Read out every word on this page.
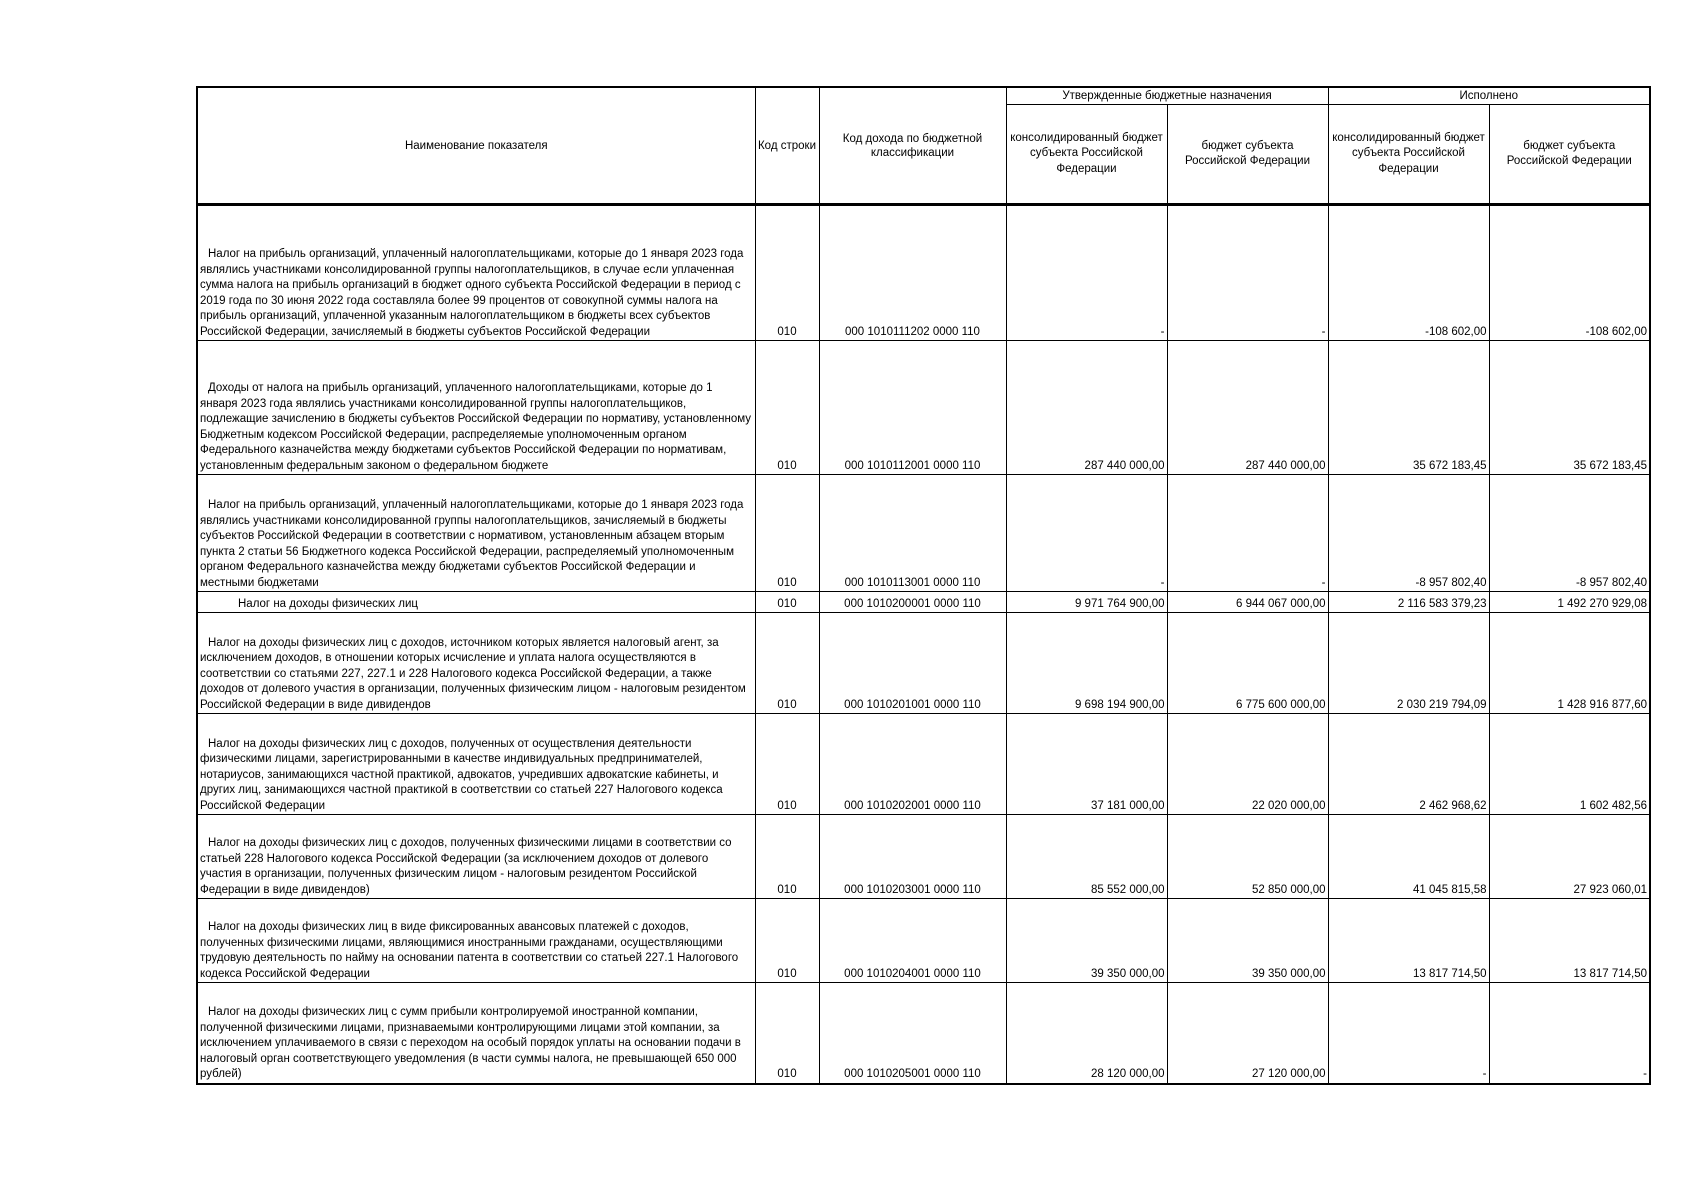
Наименование показателя	Код строки	Код дохода по бюджетной классификации	Утвержденные бюджетные назначения		Исполнено	
			консолидированный бюджет субъекта Российской Федерации	бюджет субъекта Российской Федерации	консолидированный бюджет субъекта Российской Федерации	бюджет субъекта Российской Федерации
Налог на прибыль организаций, уплаченный налогоплательщиками, которые до 1 января 2023 года являлись участниками консолидированной группы налогоплательщиков, в случае если уплаченная сумма налога на прибыль организаций в бюджет одного субъекта Российской Федерации в период с 2019 года по 30 июня 2022 года составляла более 99 процентов от совокупной суммы налога на прибыль организаций, уплаченной указанным налогоплательщиком в бюджеты всех субъектов Российской Федерации, зачисляемый в бюджеты субъектов Российской Федерации	010	000 1010111202 0000 110	-	-	-108 602,00	-108 602,00
Доходы от налога на прибыль организаций, уплаченного налогоплательщиками, которые до 1 января 2023 года являлись участниками консолидированной группы налогоплательщиков, подлежащие зачислению в бюджеты субъектов Российской Федерации по нормативу, установленному Бюджетным кодексом Российской Федерации, распределяемые уполномоченным органом Федерального казначейства между бюджетами субъектов Российской Федерации по нормативам, установленным федеральным законом о федеральном бюджете	010	000 1010112001 0000 110	287 440 000,00	287 440 000,00	35 672 183,45	35 672 183,45
Налог на прибыль организаций, уплаченный налогоплательщиками, которые до 1 января 2023 года являлись участниками консолидированной группы налогоплательщиков, зачисляемый в бюджеты субъектов Российской Федерации в соответствии с нормативом, установленным абзацем вторым пункта 2 статьи 56 Бюджетного кодекса Российской Федерации, распределяемый уполномоченным органом Федерального казначейства между бюджетами субъектов Российской Федерации и местными бюджетами	010	000 1010113001 0000 110	-	-	-8 957 802,40	-8 957 802,40
Налог на доходы физических лиц	010	000 1010200001 0000 110	9 971 764 900,00	6 944 067 000,00	2 116 583 379,23	1 492 270 929,08
Налог на доходы физических лиц с доходов, источником которых является налоговый агент, за исключением доходов, в отношении которых исчисление и уплата налога осуществляются в соответствии со статьями 227, 227.1 и 228 Налогового кодекса Российской Федерации, а также доходов от долевого участия в организации, полученных физическим лицом - налоговым резидентом Российской Федерации в виде дивидендов	010	000 1010201001 0000 110	9 698 194 900,00	6 775 600 000,00	2 030 219 794,09	1 428 916 877,60
Налог на доходы физических лиц с доходов, полученных от осуществления деятельности физическими лицами, зарегистрированными в качестве индивидуальных предпринимателей, нотариусов, занимающихся частной практикой, адвокатов, учредивших адвокатские кабинеты, и других лиц, занимающихся частной практикой в соответствии со статьей 227 Налогового кодекса Российской Федерации	010	000 1010202001 0000 110	37 181 000,00	22 020 000,00	2 462 968,62	1 602 482,56
Налог на доходы физических лиц с доходов, полученных физическими лицами в соответствии со статьей 228 Налогового кодекса Российской Федерации (за исключением доходов от долевого участия в организации, полученных физическим лицом - налоговым резидентом Российской Федерации в виде дивидендов)	010	000 1010203001 0000 110	85 552 000,00	52 850 000,00	41 045 815,58	27 923 060,01
Налог на доходы физических лиц в виде фиксированных авансовых платежей с доходов, полученных физическими лицами, являющимися иностранными гражданами, осуществляющими трудовую деятельность по найму на основании патента в соответствии со статьей 227.1 Налогового кодекса Российской Федерации	010	000 1010204001 0000 110	39 350 000,00	39 350 000,00	13 817 714,50	13 817 714,50
Налог на доходы физических лиц с сумм прибыли контролируемой иностранной компании, полученной физическими лицами, признаваемыми контролирующими лицами этой компании, за исключением уплачиваемого в связи с переходом на особый порядок уплаты на основании подачи в налоговый орган соответствующего уведомления (в части суммы налога, не превышающей 650 000 рублей)	010	000 1010205001 0000 110	28 120 000,00	27 120 000,00	-	-
